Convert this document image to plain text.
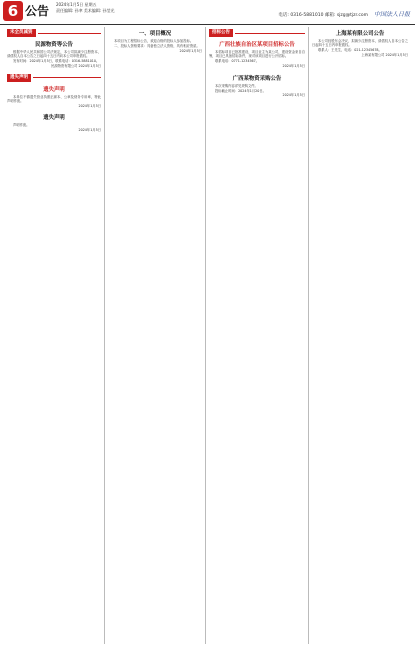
6 公告 2024年1月5日 星期五
责任编辑: 孙聿 美术编辑: 孙莹光
电话: 0316-5881010 邮箱: sjzg@tjzr.com 中国法人日报
未全员减资
民源物资等公告
根据中华人民共和国公司法规定，本公司拟减少注册资本，请债权人自本公告之日起四十五日内向本公司申报债权。
发布时间：2024年1月5日，联系电话：0316-5881010。
民源物资有限公司 2024年1月5日
遗失声明
遗失声明
本单位不慎遗失营业执照正副本、公章及财务专用章，特此声明作废。
2024年1月5日
遗失声明
声明作废。
2024年1月5日
一、项目概况
本项目为工程招标公告，欢迎合格的投标人参加投标。
二、投标人资格要求：具备独立法人资格，具有相应资质。
2024年1月5日
招标公告
广西壮族自治区某项目招标公告
本招标项目已批准建设，项目业主为某公司，建设资金来自自筹，项目已具备招标条件，现对该项目进行公开招标。
联系电话：0771-1234567。
2024年1月5日
广西某物资采购公告
本次采购内容详见采购文件。
投标截止时间：2024年1月20日。
2024年1月5日
上海某有限公司公告
本公司经股东会决议，拟减少注册资本，请债权人自本公告之日起四十五日内申报债权。
联系人：王先生，电话：021-12345678。
上海某有限公司 2024年1月5日
